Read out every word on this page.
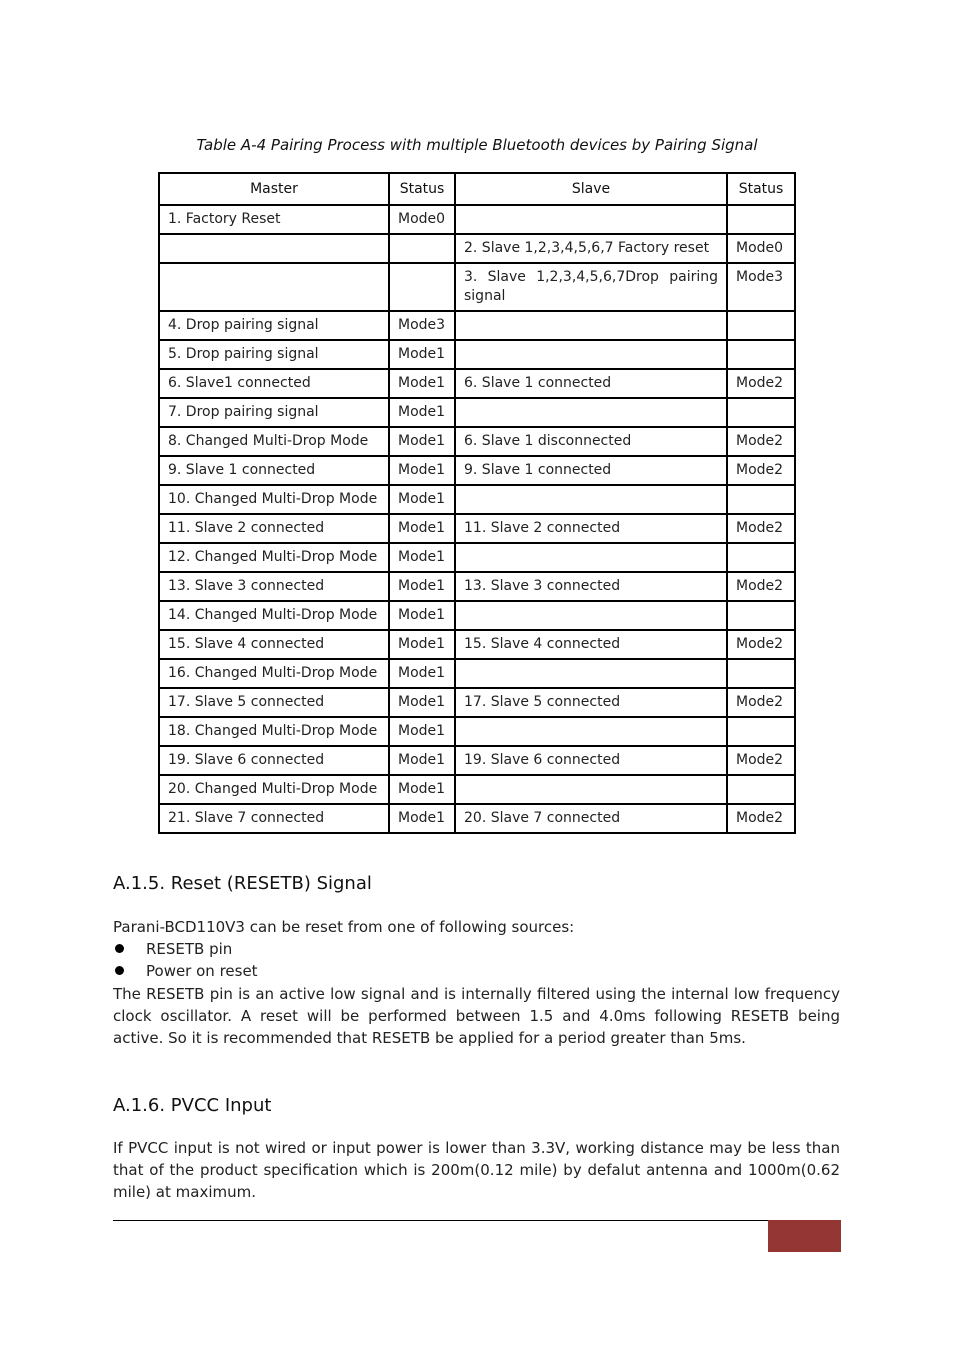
Table A-4 Pairing Process with multiple Bluetooth devices by Pairing Signal
Master	Status	Slave	Status
1. Factory Reset	Mode0		
		2. Slave 1,2,3,4,5,6,7 Factory reset	Mode0
		3. Slave 1,2,3,4,5,6,7Drop pairing signal	Mode3
4. Drop pairing signal	Mode3		
5. Drop pairing signal	Mode1		
6. Slave1 connected	Mode1	6. Slave 1 connected	Mode2
7. Drop pairing signal	Mode1		
8. Changed Multi-Drop Mode	Mode1	6. Slave 1 disconnected	Mode2
9. Slave 1 connected	Mode1	9. Slave 1 connected	Mode2
10. Changed Multi-Drop Mode	Mode1		
11. Slave 2 connected	Mode1	11. Slave 2 connected	Mode2
12. Changed Multi-Drop Mode	Mode1		
13. Slave 3 connected	Mode1	13. Slave 3 connected	Mode2
14. Changed Multi-Drop Mode	Mode1		
15. Slave 4 connected	Mode1	15. Slave 4 connected	Mode2
16. Changed Multi-Drop Mode	Mode1		
17. Slave 5 connected	Mode1	17. Slave 5 connected	Mode2
18. Changed Multi-Drop Mode	Mode1		
19. Slave 6 connected	Mode1	19. Slave 6 connected	Mode2
20. Changed Multi-Drop Mode	Mode1		
21. Slave 7 connected	Mode1	20. Slave 7 connected	Mode2
A.1.5. Reset (RESETB) Signal
Parani-BCD110V3 can be reset from one of following sources:
RESETB pin
Power on reset
The RESETB pin is an active low signal and is internally filtered using the internal low frequency clock oscillator. A reset will be performed between 1.5 and 4.0ms following RESETB being active. So it is recommended that RESETB be applied for a period greater than 5ms.
A.1.6. PVCC Input
If PVCC input is not wired or input power is lower than 3.3V, working distance may be less than that of the product specification which is 200m(0.12 mile) by defalut antenna and 1000m(0.62 mile) at maximum.
